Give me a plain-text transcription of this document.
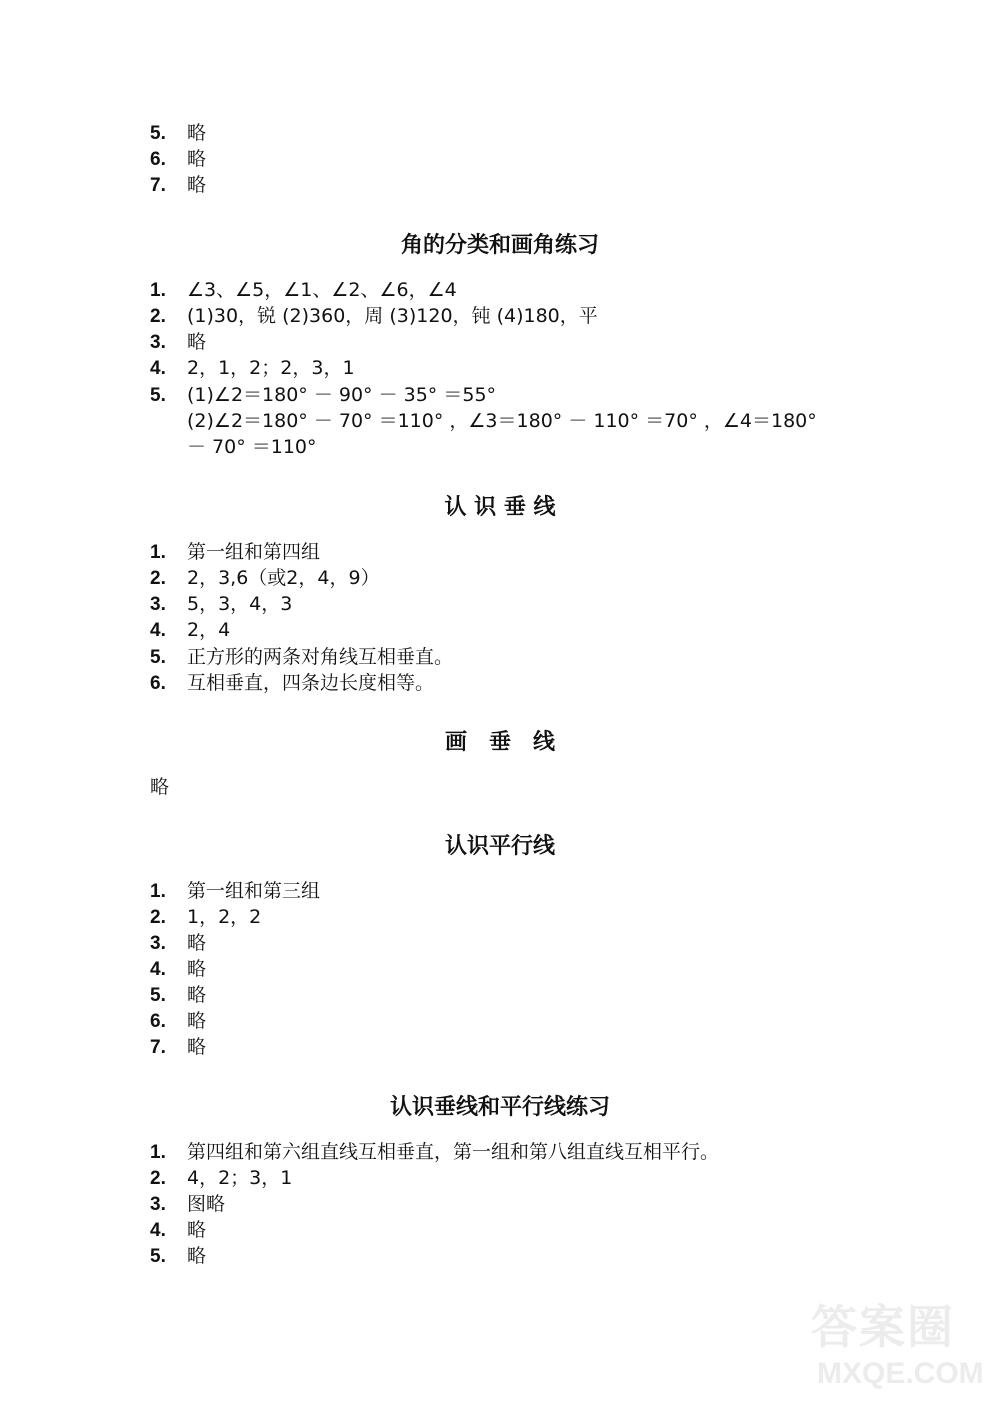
5. 略
6. 略
7. 略
角的分类和画角练习
1. ∠3、∠5，∠1、∠2、∠6，∠4
2. (1)30，锐 (2)360，周 (3)120，钝 (4)180，平
3. 略
4. 2，1，2；2，3，1
5. (1)∠2＝180° － 90° － 35° ＝55°
(2)∠2＝180° － 70° ＝110° ，∠3＝180° － 110° ＝70° ，∠4＝180°
－ 70° ＝110°
认 识 垂 线
1. 第一组和第四组
2. 2，3,6（或2，4，9）
3. 5，3，4，3
4. 2，4
5. 正方形的两条对角线互相垂直。
6. 互相垂直，四条边长度相等。
画　垂　线
略
认识平行线
1. 第一组和第三组
2. 1，2，2
3. 略
4. 略
5. 略
6. 略
7. 略
认识垂线和平行线练习
1. 第四组和第六组直线互相垂直，第一组和第八组直线互相平行。
2. 4，2；3，1
3. 图略
4. 略
5. 略
答案圈
MXQE.COM
